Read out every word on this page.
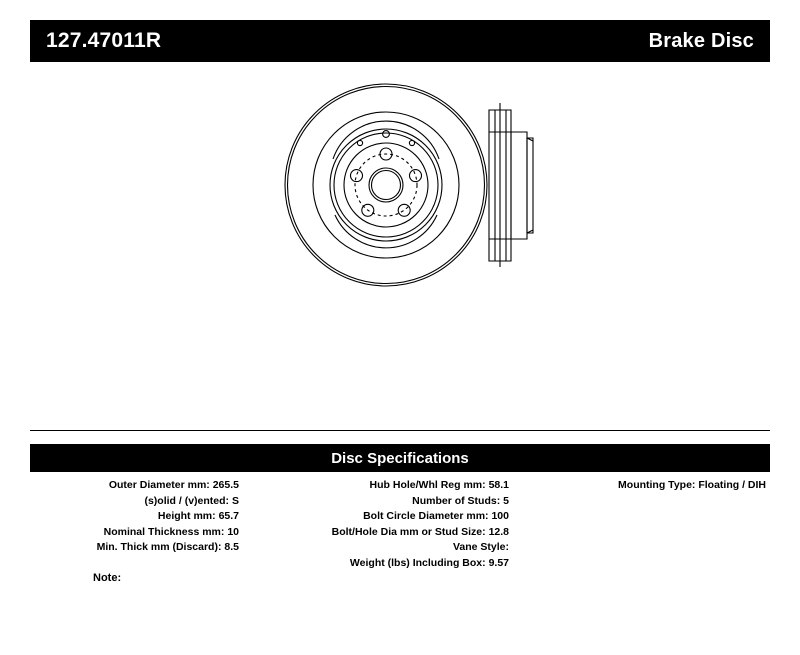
127.47011R	Brake Disc
Disc Specifications
Outer Diameter mm: 265.5
(s)olid / (v)ented: S
Height mm: 65.7
Nominal Thickness mm: 10
Min. Thick mm (Discard): 8.5
Hub Hole/Whl Reg mm: 58.1
Number of Studs: 5
Bolt Circle Diameter mm: 100
Bolt/Hole Dia mm or Stud Size: 12.8
Vane Style:
Weight (lbs) Including Box: 9.57
Mounting Type: Floating / DIH
Note:
